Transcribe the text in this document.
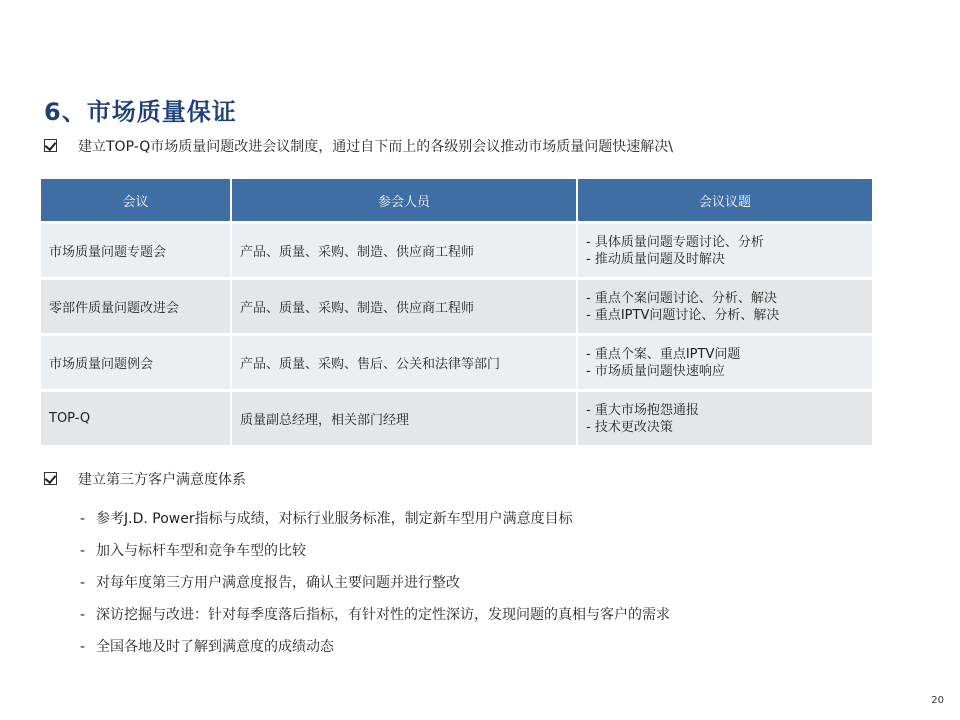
6、市场质量保证
建立TOP-Q市场质量问题改进会议制度，通过自下而上的各级别会议推动市场质量问题快速解决\
会议	参会人员	会议议题
市场质量问题专题会	产品、质量、采购、制造、供应商工程师	- 具体质量问题专题讨论、分析
- 推动质量问题及时解决

零部件质量问题改进会	产品、质量、采购、制造、供应商工程师	- 重点个案问题讨论、分析、解决
- 重点IPTV问题讨论、分析、解决

市场质量问题例会	产品、质量、采购、售后、公关和法律等部门	- 重点个案、重点IPTV问题
- 市场质量问题快速响应

TOP-Q	质量副总经理，相关部门经理	- 重大市场抱怨通报
- 技术更改决策
建立第三方客户满意度体系
- 参考J.D. Power指标与成绩，对标行业服务标准，制定新车型用户满意度目标
- 加入与标杆车型和竞争车型的比较
- 对每年度第三方用户满意度报告，确认主要问题并进行整改
- 深访挖掘与改进：针对每季度落后指标，有针对性的定性深访，发现问题的真相与客户的需求
- 全国各地及时了解到满意度的成绩动态
20
